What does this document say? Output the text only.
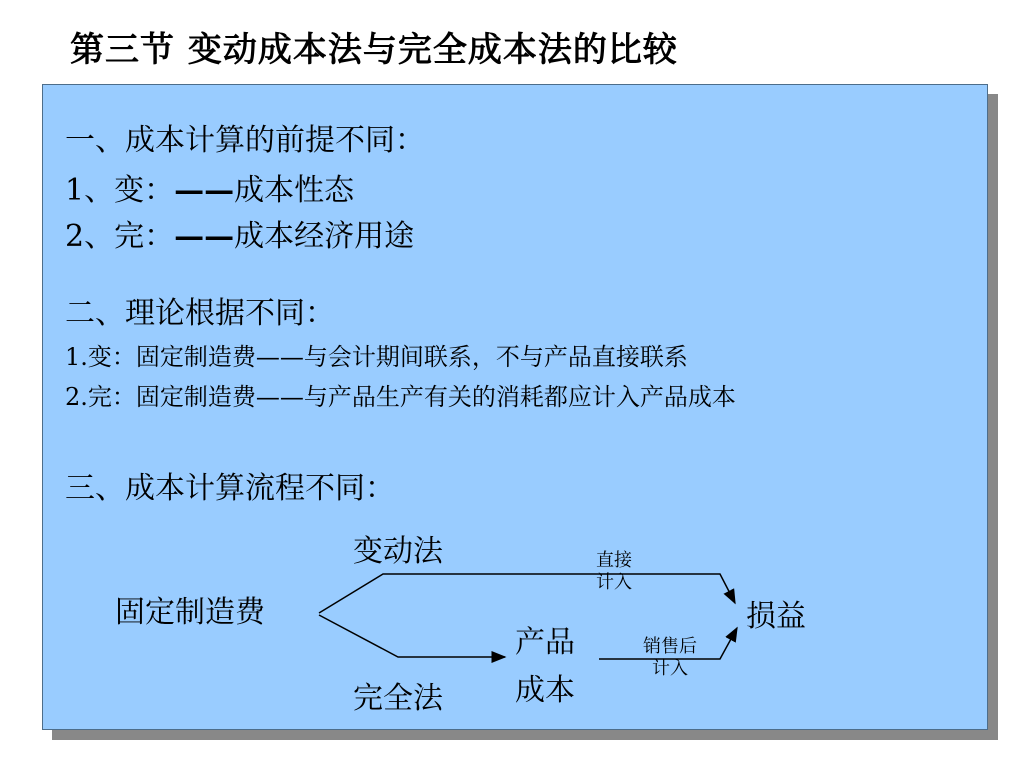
第三节 变动成本法与完全成本法的比较
一、成本计算的前提不同：
1、变：——成本性态
2、完：——成本经济用途
二、理论根据不同：
1.变：固定制造费——与会计期间联系，不与产品直接联系
2.完：固定制造费——与产品生产有关的消耗都应计入产品成本
三、成本计算流程不同：
固定制造费
变动法
完全法
直接
计入
产品
成本
销售后
计入
损益
